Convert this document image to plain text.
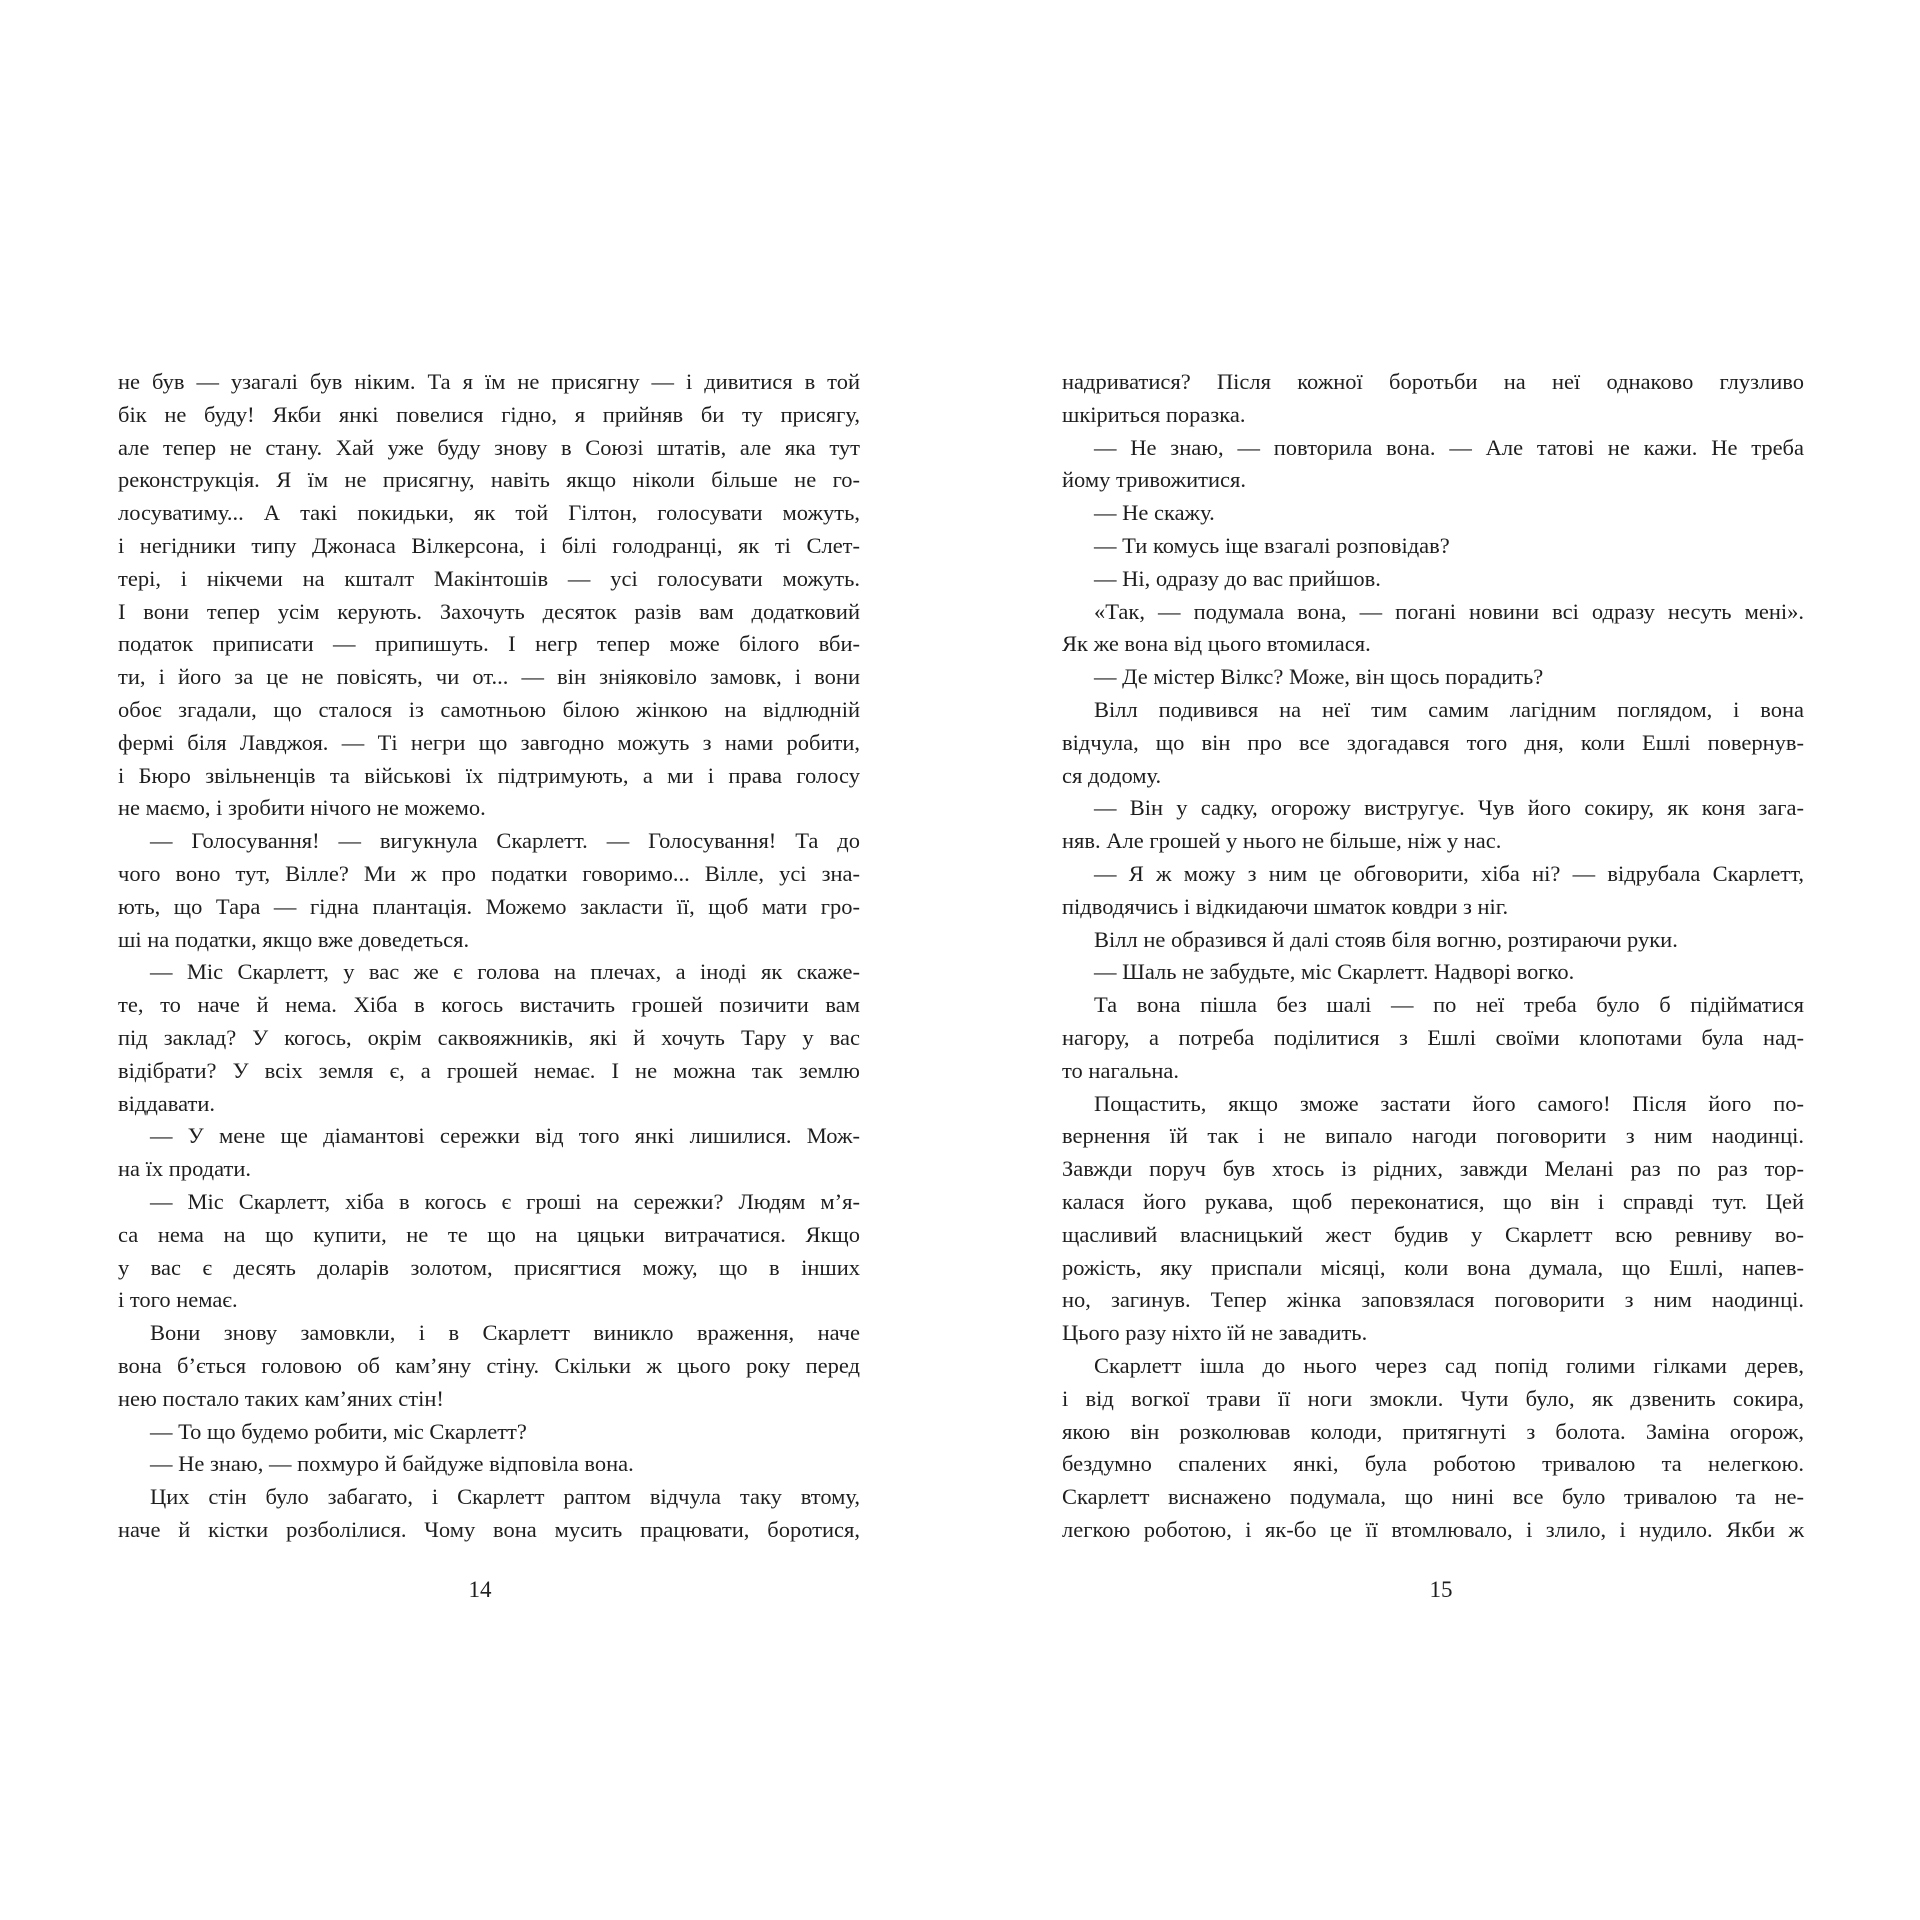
не був — узагалі був ніким. Та я їм не присягну — і дивитися в той
бік не буду! Якби янкі повелися гідно, я прийняв би ту присягу,
але тепер не стану. Хай уже буду знову в Союзі штатів, але яка тут
реконструкція. Я їм не присягну, навіть якщо ніколи більше не го-
лосуватиму... А такі покидьки, як той Гілтон, голосувати можуть,
і негідники типу Джонаса Вілкерсона, і білі голодранці, як ті Слет-
тері, і нікчеми на кшталт Макінтошів — усі голосувати можуть.
І вони тепер усім керують. Захочуть десяток разів вам додатковий
податок приписати — припишуть. І негр тепер може білого вби-
ти, і його за це не повісять, чи от... — він зніяковіло замовк, і вони
обоє згадали, що сталося із самотньою білою жінкою на відлюдній
фермі біля Лавджоя. — Ті негри що завгодно можуть з нами робити,
і Бюро звільненців та військові їх підтримують, а ми і права голосу
не маємо, і зробити нічого не можемо.
— Голосування! — вигукнула Скарлетт. — Голосування! Та до
чого воно тут, Вілле? Ми ж про податки говоримо... Вілле, усі зна-
ють, що Тара — гідна плантація. Можемо закласти її, щоб мати гро-
ші на податки, якщо вже доведеться.
— Міс Скарлетт, у вас же є голова на плечах, а іноді як скаже-
те, то наче й нема. Хіба в когось вистачить грошей позичити вам
під заклад? У когось, окрім саквояжників, які й хочуть Тару у вас
відібрати? У всіх земля є, а грошей немає. І не можна так землю
віддавати.
— У мене ще діамантові сережки від того янкі лишилися. Мож-
на їх продати.
— Міс Скарлетт, хіба в когось є гроші на сережки? Людям м’я-
са нема на що купити, не те що на цяцьки витрачатися. Якщо
у вас є десять доларів золотом, присягтися можу, що в інших
і того немає.
Вони знову замовкли, і в Скарлетт виникло враження, наче
вона б’ється головою об кам’яну стіну. Скільки ж цього року перед
нею постало таких кам’яних стін!
— То що будемо робити, міс Скарлетт?
— Не знаю, — похмуро й байдуже відповіла вона.
Цих стін було забагато, і Скарлетт раптом відчула таку втому,
наче й кістки розболілися. Чому вона мусить працювати, боротися,
14
надриватися? Після кожної боротьби на неї однаково глузливо
шкіриться поразка.
— Не знаю, — повторила вона. — Але татові не кажи. Не треба
йому тривожитися.
— Не скажу.
— Ти комусь іще взагалі розповідав?
— Ні, одразу до вас прийшов.
«Так, — подумала вона, — погані новини всі одразу несуть мені».
Як же вона від цього втомилася.
— Де містер Вілкс? Може, він щось порадить?
Вілл подивився на неї тим самим лагідним поглядом, і вона
відчула, що він про все здогадався того дня, коли Ешлі повернув-
ся додому.
— Він у садку, огорожу вистругує. Чув його сокиру, як коня зага-
няв. Але грошей у нього не більше, ніж у нас.
— Я ж можу з ним це обговорити, хіба ні? — відрубала Скарлетт,
підводячись і відкидаючи шматок ковдри з ніг.
Вілл не образився й далі стояв біля вогню, розтираючи руки.
— Шаль не забудьте, міс Скарлетт. Надворі вогко.
Та вона пішла без шалі — по неї треба було б підійматися
нагору, а потреба поділитися з Ешлі своїми клопотами була над-
то нагальна.
Пощастить, якщо зможе застати його самого! Після його по-
вернення їй так і не випало нагоди поговорити з ним наодинці.
Завжди поруч був хтось із рідних, завжди Мелані раз по раз тор-
калася його рукава, щоб переконатися, що він і справді тут. Цей
щасливий власницький жест будив у Скарлетт всю ревниву во-
рожість, яку приспали місяці, коли вона думала, що Ешлі, напев-
но, загинув. Тепер жінка заповзялася поговорити з ним наодинці.
Цього разу ніхто їй не завадить.
Скарлетт ішла до нього через сад попід голими гілками дерев,
і від вогкої трави її ноги змокли. Чути було, як дзвенить сокира,
якою він розколював колоди, притягнуті з болота. Заміна огорож,
бездумно спалених янкі, була роботою тривалою та нелегкою.
Скарлетт виснажено подумала, що нині все було тривалою та не-
легкою роботою, і як-бо це її втомлювало, і злило, і нудило. Якби ж
15
